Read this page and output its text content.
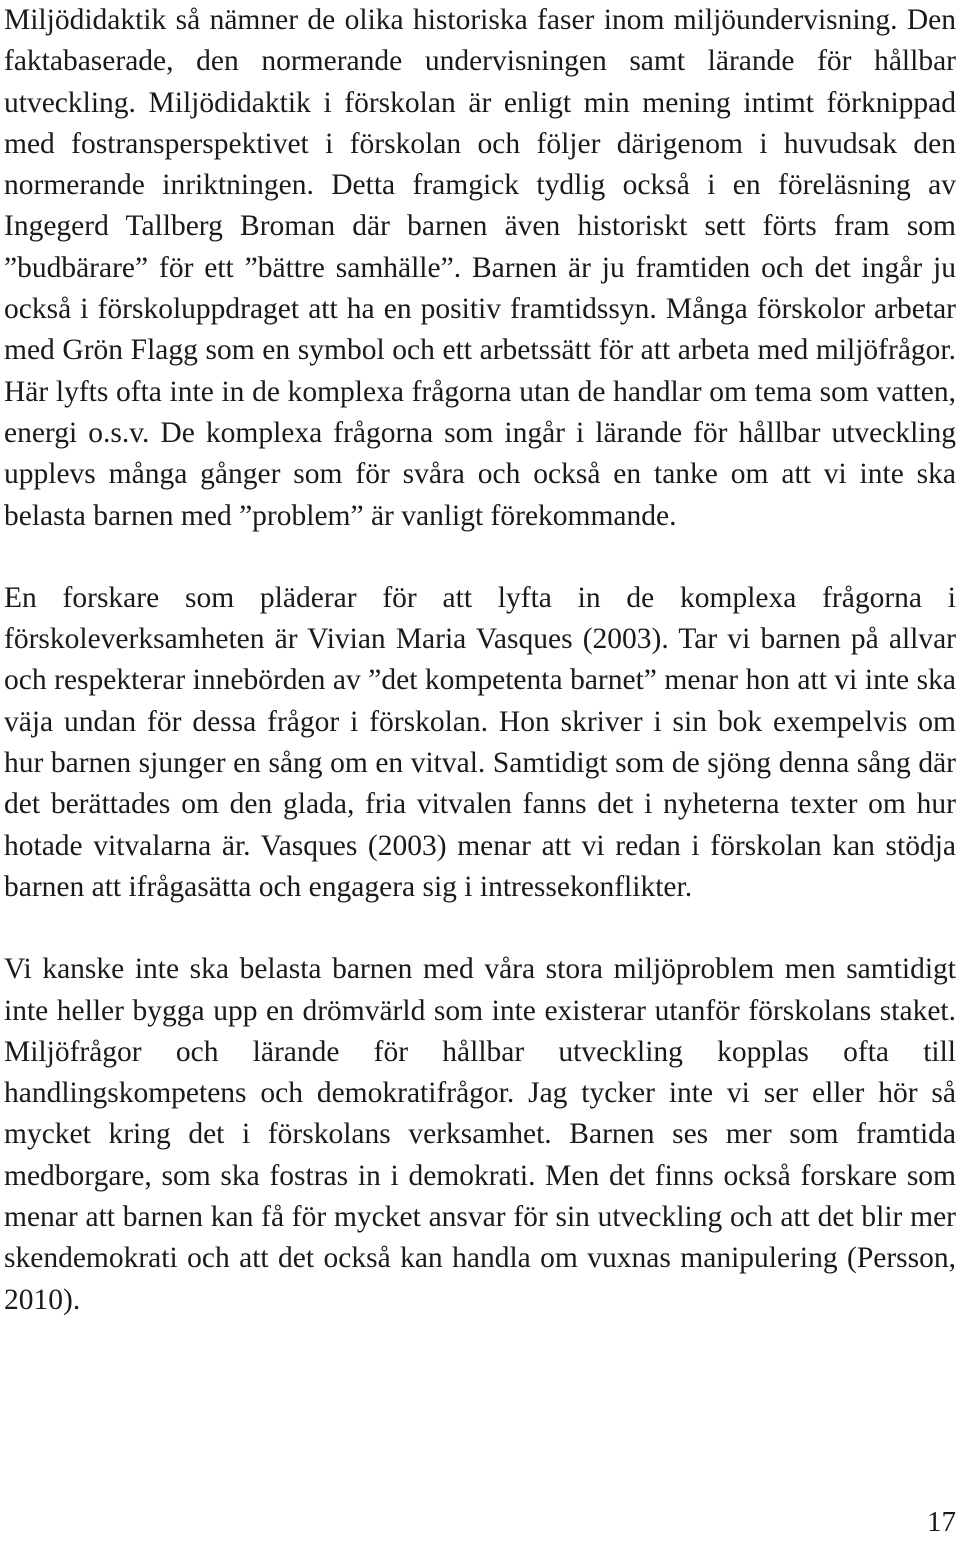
Miljödidaktik så nämner de olika historiska faser inom miljöundervisning. Den faktabaserade, den normerande undervisningen samt lärande för hållbar utveckling. Miljödidaktik i förskolan är enligt min mening intimt förknippad med fostransperspektivet i förskolan och följer därigenom i huvudsak den normerande inriktningen. Detta framgick tydlig också i en föreläsning av Ingegerd Tallberg Broman där barnen även historiskt sett förts fram som ”budbärare” för ett ”bättre samhälle”. Barnen är ju framtiden och det ingår ju också i förskoluppdraget att ha en positiv framtidssyn. Många förskolor arbetar med Grön Flagg som en symbol och ett arbetssätt för att arbeta med miljöfrågor. Här lyfts ofta inte in de komplexa frågorna utan de handlar om tema som vatten, energi o.s.v. De komplexa frågorna som ingår i lärande för hållbar utveckling upplevs många gånger som för svåra och också en tanke om att vi inte ska belasta barnen med ”problem” är vanligt förekommande.

En forskare som pläderar för att lyfta in de komplexa frågorna i förskoleverksamheten är Vivian Maria Vasques (2003). Tar vi barnen på allvar och respekterar innebörden av ”det kompetenta barnet” menar hon att vi inte ska väja undan för dessa frågor i förskolan. Hon skriver i sin bok exempelvis om hur barnen sjunger en sång om en vitval. Samtidigt som de sjöng denna sång där det berättades om den glada, fria vitvalen fanns det i nyheterna texter om hur hotade vitvalarna är. Vasques (2003) menar att vi redan i förskolan kan stödja barnen att ifrågasätta och engagera sig i intressekonflikter.

Vi kanske inte ska belasta barnen med våra stora miljöproblem men samtidigt inte heller bygga upp en drömvärld som inte existerar utanför förskolans staket. Miljöfrågor och lärande för hållbar utveckling kopplas ofta till handlingskompetens och demokratifrågor. Jag tycker inte vi ser eller hör så mycket kring det i förskolans verksamhet. Barnen ses mer som framtida medborgare, som ska fostras in i demokrati. Men det finns också forskare som menar att barnen kan få för mycket ansvar för sin utveckling och att det blir mer skendemokrati och att det också kan handla om vuxnas manipulering (Persson, 2010).

17
